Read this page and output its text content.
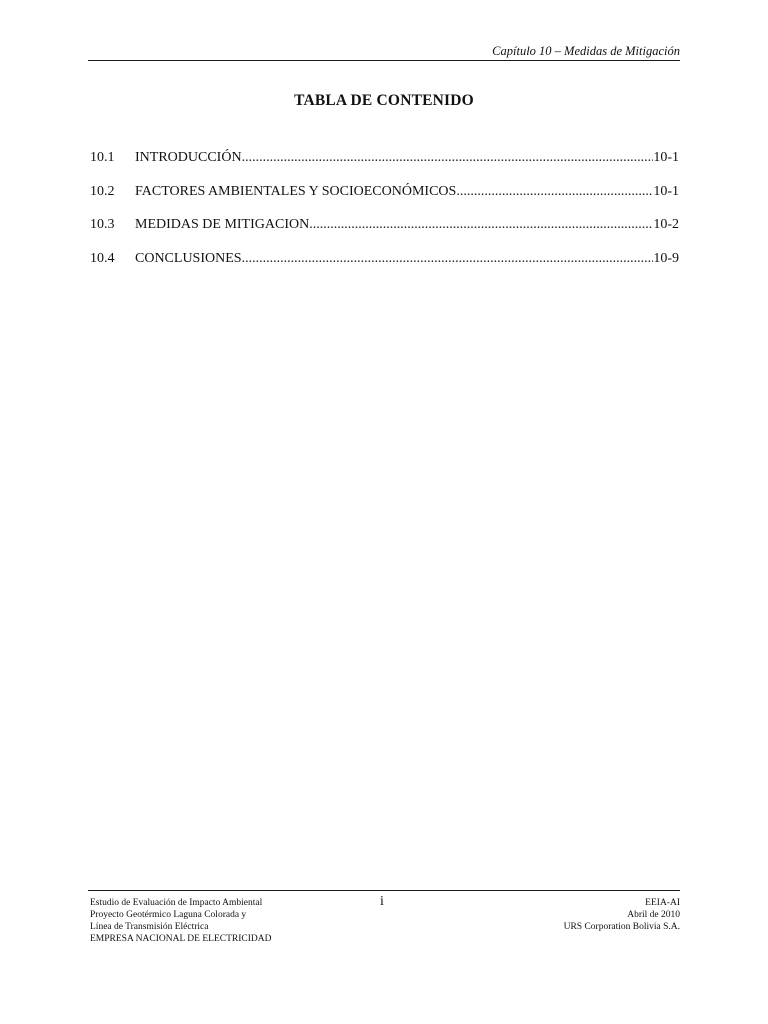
Capítulo 10 – Medidas de Mitigación
TABLA DE CONTENIDO
10.1	INTRODUCCIÓN .....	10-1
10.2	FACTORES AMBIENTALES Y SOCIOECONÓMICOS .....	10-1
10.3	MEDIDAS DE MITIGACION .....	10-2
10.4	CONCLUSIONES .....	10-9
Estudio de Evaluación de Impacto Ambiental
Proyecto Geotérmico Laguna Colorada y
Línea de Transmisión Eléctrica
EMPRESA NACIONAL DE ELECTRICIDAD
i	EEIA-AI
Abril de 2010
URS Corporation Bolivia S.A.
